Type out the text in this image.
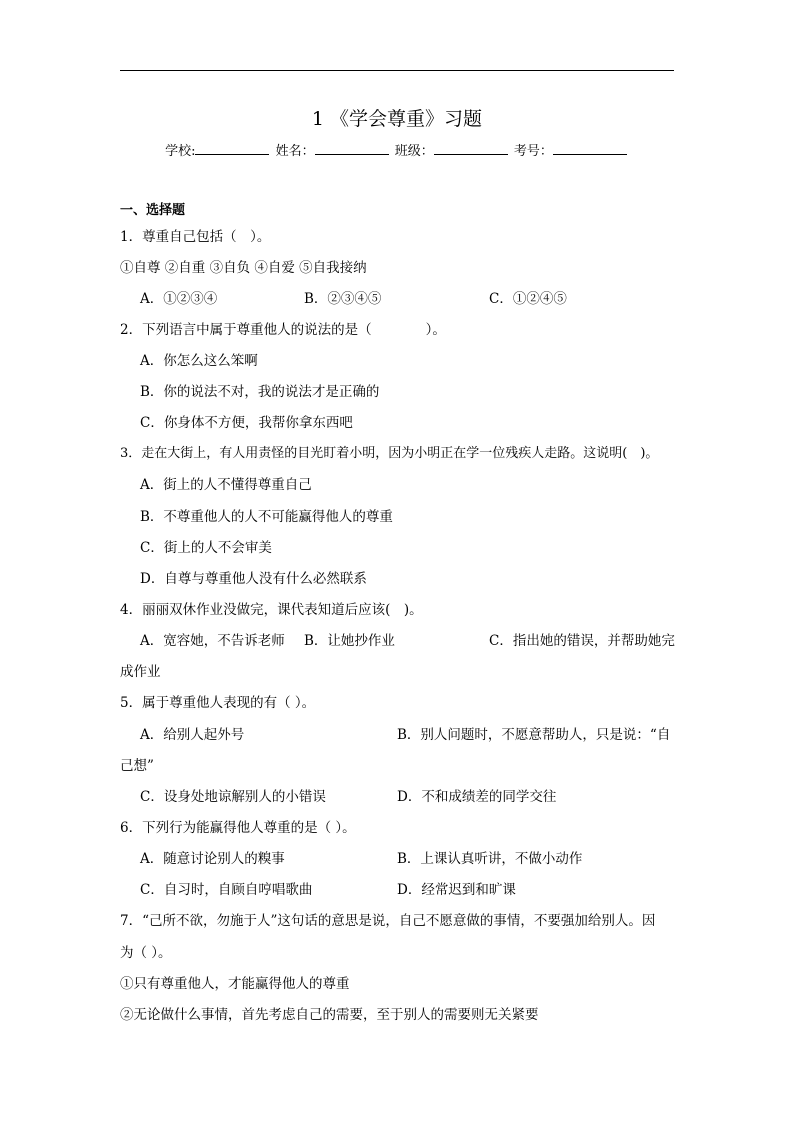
1 《学会尊重》习题
学校:	姓名：	班级：	考号：
一、选择题
1．尊重自己包括（　）。
①自尊 ②自重 ③自负 ④自爱 ⑤自我接纳
A．①②③④	B．②③④⑤	C．①②④⑤
2．下列语言中属于尊重他人的说法的是（　　　　）。
A．你怎么这么笨啊
B．你的说法不对，我的说法才是正确的
C．你身体不方便，我帮你拿东西吧
3．走在大街上，有人用责怪的目光盯着小明，因为小明正在学一位残疾人走路。这说明(　)。
A．街上的人不懂得尊重自己
B．不尊重他人的人不可能赢得他人的尊重
C．街上的人不会审美
D．自尊与尊重他人没有什么必然联系
4．丽丽双休作业没做完，课代表知道后应该(　)。
A．宽容她，不告诉老师 B．让她抄作业	C．指出她的错误，并帮助她完
成作业
5．属于尊重他人表现的有（ ）。
A．给别人起外号	B．别人问题时，不愿意帮助人，只是说：“自
己想”
C．设身处地谅解别人的小错误	D．不和成绩差的同学交往
6．下列行为能赢得他人尊重的是（ ）。
A．随意讨论别人的糗事	B．上课认真听讲，不做小动作
C．自习时，自顾自哼唱歌曲	D．经常迟到和旷课
7．“己所不欲，勿施于人”这句话的意思是说，自己不愿意做的事情，不要强加给别人。因
为（ ）。
①只有尊重他人，才能赢得他人的尊重
②无论做什么事情，首先考虑自己的需要，至于别人的需要则无关紧要
